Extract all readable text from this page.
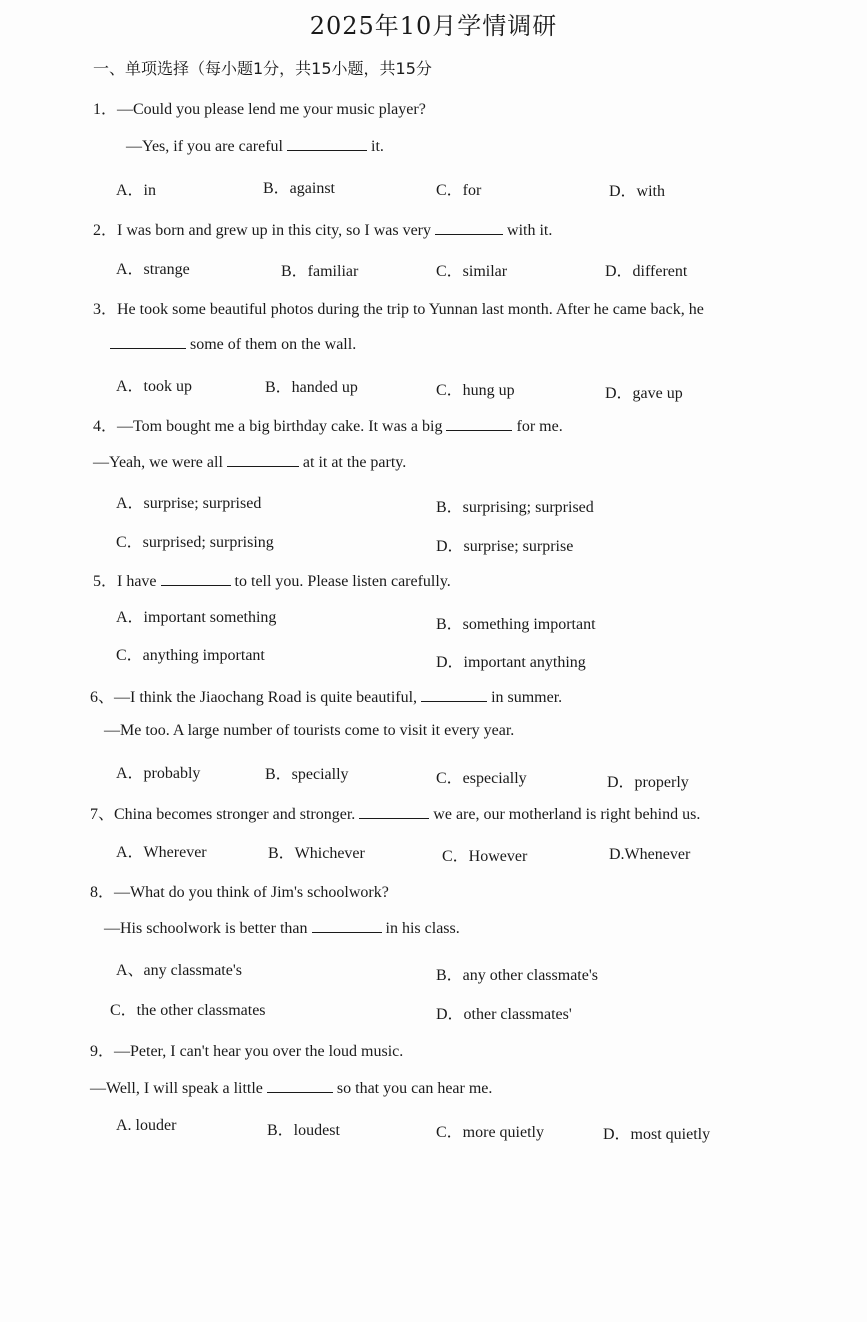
2025年10月学情调研
一、单项选择（每小题1分，共15小题，共15分
1．—Could you please lend me your music player?
—Yes, if you are careful	it.
A．in	B．against	C．for	D．with
2．I was born and grew up in this city, so I was very	with it.
A．strange	B．familiar	C．similar	D．different
3．He took some beautiful photos during the trip to Yunnan last month. After he came back, he
some of them on the wall.
A．took up	B．handed up	C．hung up	D．gave up
4．—Tom bought me a big birthday cake. It was a big	for me.
—Yeah, we were all	at it at the party.
A．surprise; surprised	B．surprising; surprised
C．surprised; surprising	D．surprise; surprise
5．I have	to tell you. Please listen carefully.
A．important something	B．something important
C．anything important	D．important anything
6、—I think the Jiaochang Road is quite beautiful,	in summer.
—Me too. A large number of tourists come to visit it every year.
A．probably	B．specially	C．especially	D．properly
7、China becomes stronger and stronger.	we are, our motherland is right behind us.
A．Wherever	B．Whichever	C．However	D.Whenever
8．—What do you think of Jim's schoolwork?
—His schoolwork is better than	in his class.
A、any classmate's	B．any other classmate's
C．the other classmates	D．other classmates'
9．—Peter, I can't hear you over the loud music.
—Well, I will speak a little	so that you can hear me.
A. louder	B．loudest	C．more quietly	D．most quietly
